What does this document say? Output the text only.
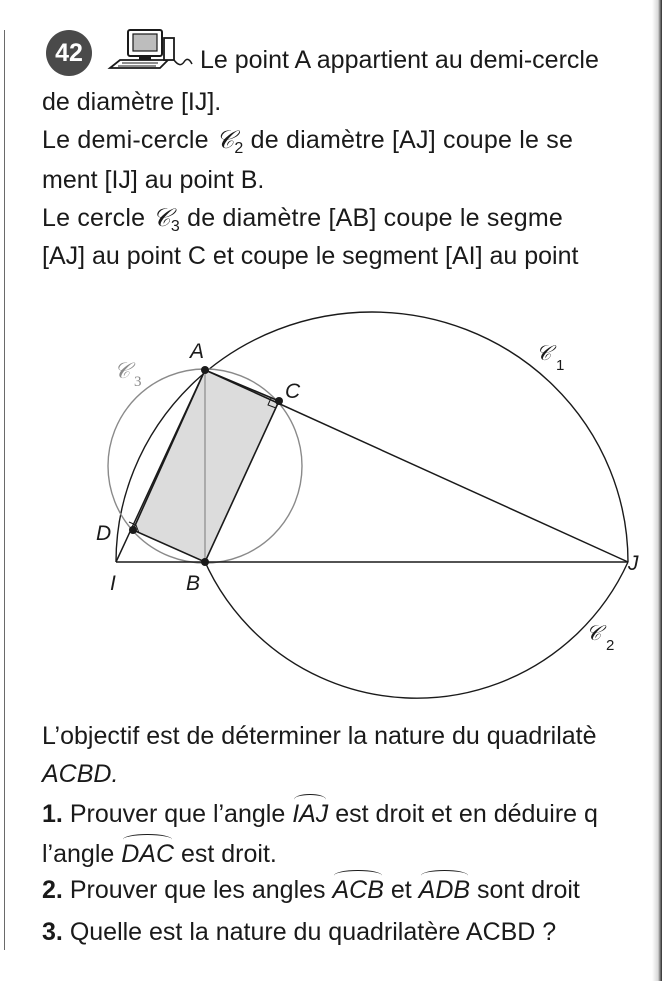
42	Le point A appartient au demi-cercle
de diamètre [IJ].
Le demi-cercle 𝒞$_2$ de diamètre [AJ] coupe le se
ment [IJ] au point B.
Le cercle 𝒞$_3$ de diamètre [AB] coupe le segme
[AJ] au point C et coupe le segment [AI] au point
A
C
D
I	B
J
𝒞
1
𝒞
2
𝒞 3
L’objectif est de déterminer la nature du quadrilatè
ACBD.
1. Prouver que l’angle IAJ est droit et en déduire q
l’angle DAC est droit.
2. Prouver que les angles ACB et ADB sont droit
3. Quelle est la nature du quadrilatère ACBD ?
